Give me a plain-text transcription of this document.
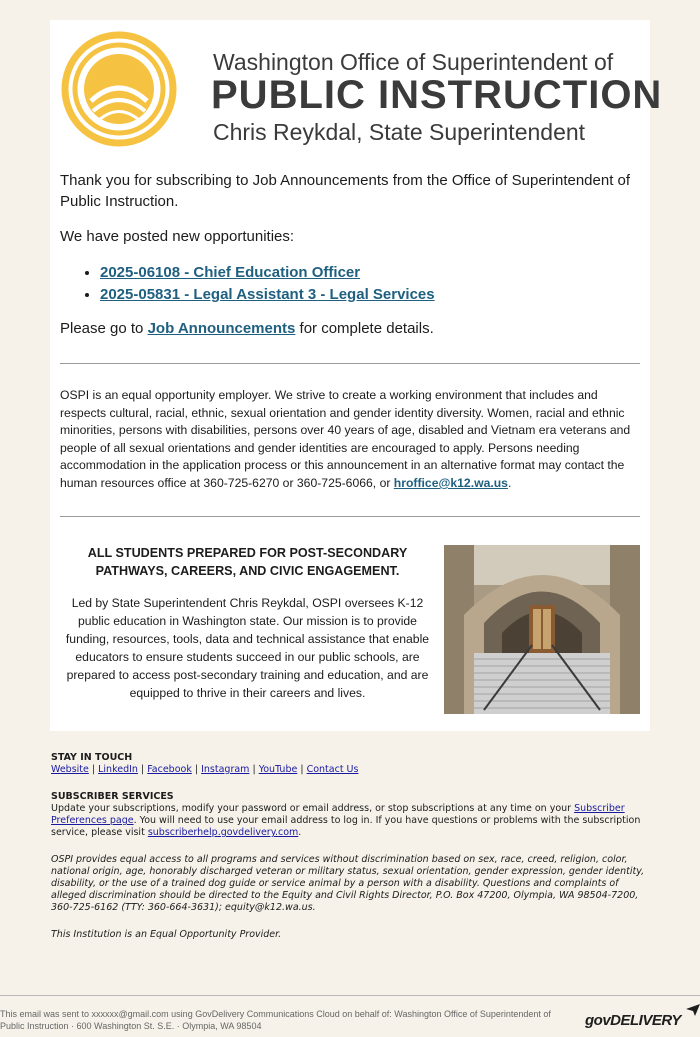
Washington Office of Superintendent of
PUBLIC INSTRUCTION
Chris Reykdal, State Superintendent

Thank you for subscribing to Job Announcements from the Office of Superintendent of Public Instruction.

We have posted new opportunities:

• 2025-06108 - Chief Education Officer
• 2025-05831 - Legal Assistant 3 - Legal Services

Please go to Job Announcements for complete details.

OSPI is an equal opportunity employer. We strive to create a working environment that includes and respects cultural, racial, ethnic, sexual orientation and gender identity diversity. Women, racial and ethnic minorities, persons with disabilities, persons over 40 years of age, disabled and Vietnam era veterans and people of all sexual orientations and gender identities are encouraged to apply. Persons needing accommodation in the application process or this announcement in an alternative format may contact the human resources office at 360-725-6270 or 360-725-6066, or hroffice@k12.wa.us.

ALL STUDENTS PREPARED FOR POST-SECONDARY PATHWAYS, CAREERS, AND CIVIC ENGAGEMENT.

Led by State Superintendent Chris Reykdal, OSPI oversees K-12 public education in Washington state. Our mission is to provide funding, resources, tools, data and technical assistance that enable educators to ensure students succeed in our public schools, are prepared to access post-secondary training and education, and are equipped to thrive in their careers and lives.

STAY IN TOUCH

Website | LinkedIn | Facebook | Instagram | YouTube | Contact Us

SUBSCRIBER SERVICES

Update your subscriptions, modify your password or email address, or stop subscriptions at any time on your Subscriber Preferences page. You will need to use your email address to log in. If you have questions or problems with the subscription service, please visit subscriberhelp.govdelivery.com.

OSPI provides equal access to all programs and services without discrimination based on sex, race, creed, religion, color, national origin, age, honorably discharged veteran or military status, sexual orientation, gender expression, gender identity, disability, or the use of a trained dog guide or service animal by a person with a disability. Questions and complaints of alleged discrimination should be directed to the Equity and Civil Rights Director, P.O. Box 47200, Olympia, WA 98504-7200, 360-725-6162 (TTY: 360-664-3631); equity@k12.wa.us.

This Institution is an Equal Opportunity Provider.

This email was sent to xxxxxx@gmail.com using GovDelivery Communications Cloud on behalf of: Washington Office of Superintendent of Public Instruction · 600 Washington St. S.E. · Olympia, WA 98504	govDELIVERY
